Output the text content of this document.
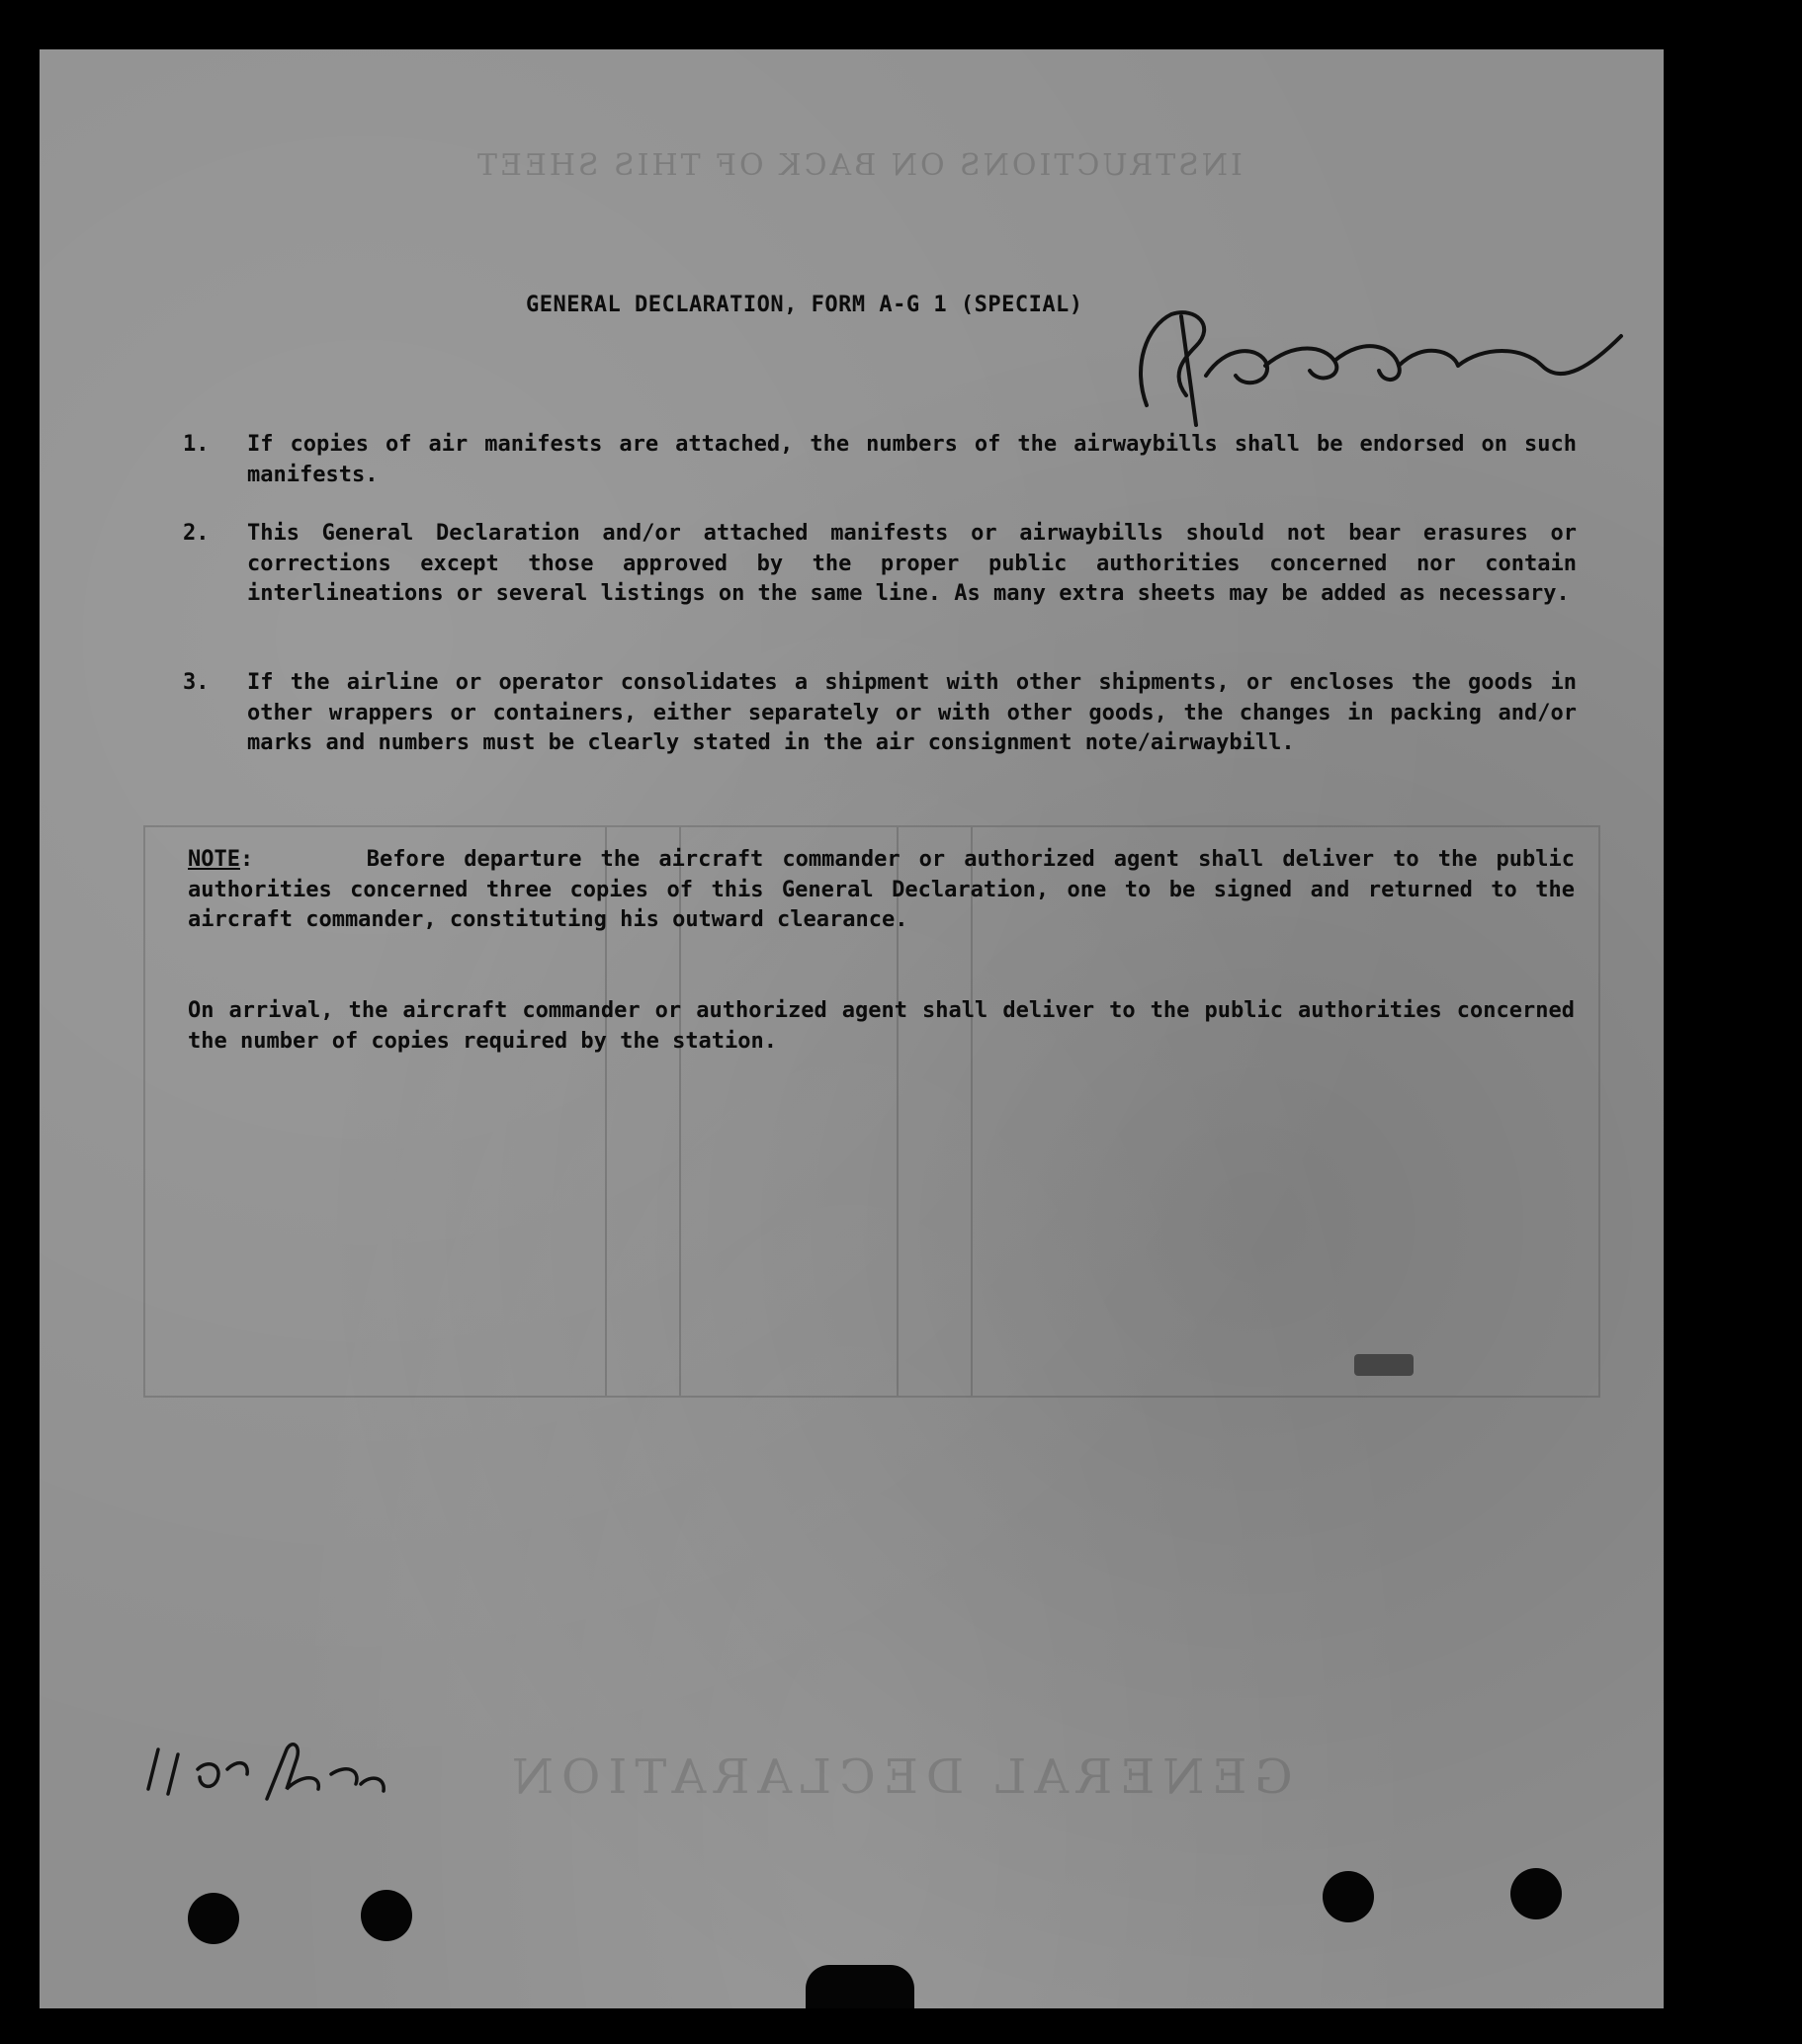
INSTRUCTIONS ON BACK OF THIS SHEET
GENERAL DECLARATION
GENERAL DECLARATION, FORM A-G 1 (SPECIAL)
1. If copies of air manifests are attached, the numbers of the airwaybills shall be endorsed on such manifests.
2. This General Declaration and/or attached manifests or airwaybills should not bear erasures or corrections except those approved by the proper public authorities concerned nor contain interlineations or several listings on the same line. As many extra sheets may be added as necessary.
3. If the airline or operator consolidates a shipment with other shipments, or encloses the goods in other wrappers or containers, either separately or with other goods, the changes in packing and/or marks and numbers must be clearly stated in the air consignment note/airwaybill.
NOTE:      Before departure the aircraft commander or authorized agent shall deliver to the public authorities concerned three copies of this General Declaration, one to be signed and returned to the aircraft commander, constituting his outward clearance.
On arrival, the aircraft commander or authorized agent shall deliver to the public authorities concerned the number of copies required by the station.
